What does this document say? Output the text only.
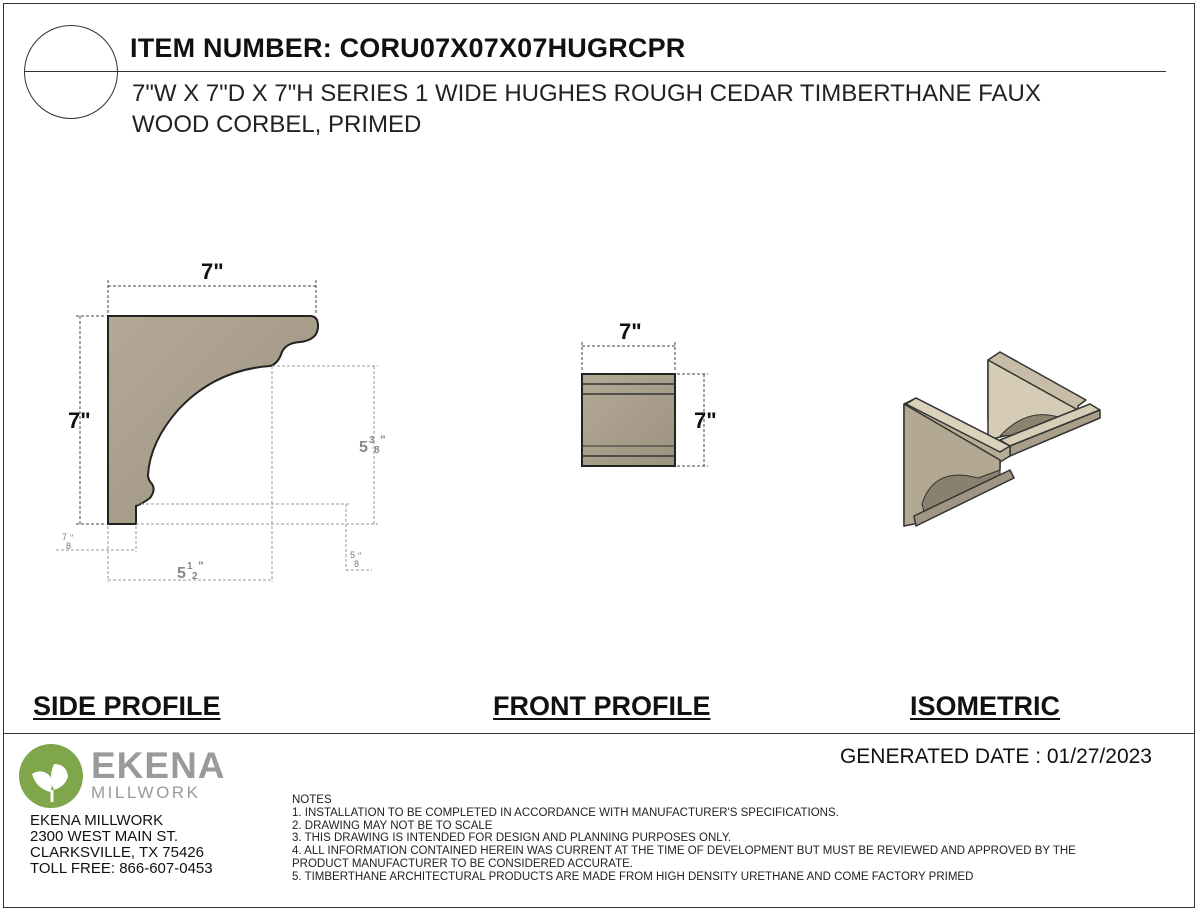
ITEM NUMBER: CORU07X07X07HUGRCPR
7"W X 7"D X 7"H SERIES 1 WIDE HUGHES ROUGH CEDAR TIMBERTHANE FAUX
WOOD CORBEL, PRIMED
7"
7"
5 3
8
"
5 1
2
"
7
8
"
5
8
"
7"
7"
EKENA
MILLWORK
SIDE PROFILE	FRONT PROFILE	ISOMETRIC
GENERATED DATE : 01/27/2023
EKENA MILLWORK
2300 WEST MAIN ST.
CLARKSVILLE, TX 75426
TOLL FREE: 866-607-0453
NOTES
1. INSTALLATION TO BE COMPLETED IN ACCORDANCE WITH MANUFACTURER'S SPECIFICATIONS.
2. DRAWING MAY NOT BE TO SCALE
3. THIS DRAWING IS INTENDED FOR DESIGN AND PLANNING PURPOSES ONLY.
4. ALL INFORMATION CONTAINED HEREIN WAS CURRENT AT THE TIME OF DEVELOPMENT BUT MUST BE REVIEWED AND APPROVED BY THE
PRODUCT MANUFACTURER TO BE CONSIDERED ACCURATE.
5. TIMBERTHANE ARCHITECTURAL PRODUCTS ARE MADE FROM HIGH DENSITY URETHANE AND COME FACTORY PRIMED
